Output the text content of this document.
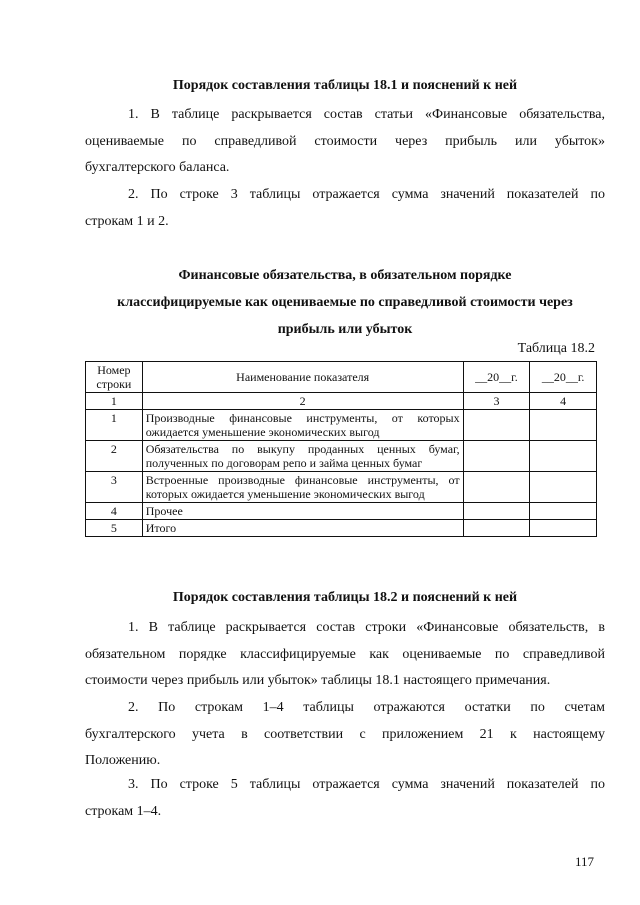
Порядок составления таблицы 18.1 и пояснений к ней
1. В таблице раскрывается состав статьи «Финансовые обязательства,
оцениваемые по справедливой стоимости через прибыль или убыток»
бухгалтерского баланса.
2. По строке 3 таблицы отражается сумма значений показателей по
строкам 1 и 2.
Финансовые обязательства, в обязательном порядке
классифицируемые как оцениваемые по справедливой стоимости через
прибыль или убыток
Таблица 18.2
Номер строки	Наименование показателя	__20__г.	__20__г.
1	2	3	4
1	Производные финансовые инструменты, от которых ожидается уменьшение экономических выгод		
2	Обязательства по выкупу проданных ценных бумаг, полученных по договорам репо и займа ценных бумаг		
3	Встроенные производные финансовые инструменты, от которых ожидается уменьшение экономических выгод		
4	Прочее		
5	Итого		
Порядок составления таблицы 18.2 и пояснений к ней
1. В таблице раскрывается состав строки «Финансовые обязательств, в
обязательном порядке классифицируемые как оцениваемые по справедливой
стоимости через прибыль или убыток» таблицы 18.1 настоящего примечания.
2. По строкам 1–4 таблицы отражаются остатки по счетам
бухгалтерского учета в соответствии с приложением 21 к настоящему
Положению.
3. По строке 5 таблицы отражается сумма значений показателей по
строкам 1–4.
117
